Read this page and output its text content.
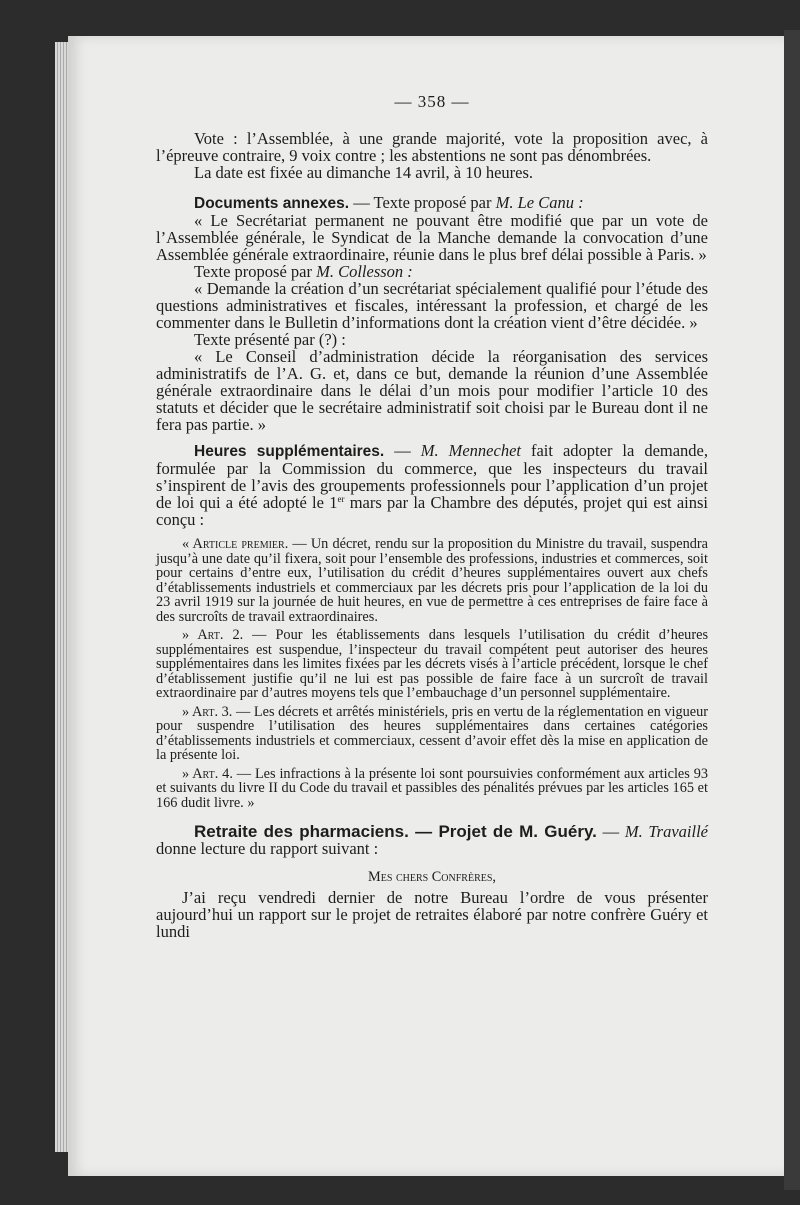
— 358 —

Vote : l’Assemblée, à une grande majorité, vote la proposition avec, à l’épreuve contraire, 9 voix contre ; les abstentions ne sont pas dénombrées.

La date est fixée au dimanche 14 avril, à 10 heures.

Documents annexes. — Texte proposé par M. Le Canu :

« Le Secrétariat permanent ne pouvant être modifié que par un vote de l’Assemblée générale, le Syndicat de la Manche demande la convocation d’une Assemblée générale extraordinaire, réunie dans le plus bref délai possible à Paris. »

Texte proposé par M. Collesson :

« Demande la création d’un secrétariat spécialement qualifié pour l’étude des questions administratives et fiscales, intéressant la profession, et chargé de les commenter dans le Bulletin d’informations dont la création vient d’être décidée. »

Texte présenté par (?) :

« Le Conseil d’administration décide la réorganisation des services administratifs de l’A. G. et, dans ce but, demande la réunion d’une Assemblée générale extraordinaire dans le délai d’un mois pour modifier l’article 10 des statuts et décider que le secrétaire administratif soit choisi par le Bureau dont il ne fera pas partie. »

Heures supplémentaires. — M. Mennechet fait adopter la demande, formulée par la Commission du commerce, que les inspecteurs du travail s’inspirent de l’avis des groupements professionnels pour l’application d’un projet de loi qui a été adopté le 1er mars par la Chambre des députés, projet qui est ainsi conçu :

« Article premier. — Un décret, rendu sur la proposition du Ministre du travail, suspendra jusqu’à une date qu’il fixera, soit pour l’ensemble des professions, industries et commerces, soit pour certains d’entre eux, l’utilisation du crédit d’heures supplémentaires ouvert aux chefs d’établissements industriels et commerciaux par les décrets pris pour l’application de la loi du 23 avril 1919 sur la journée de huit heures, en vue de permettre à ces entreprises de faire face à des surcroîts de travail extraordinaires.

» Art. 2. — Pour les établissements dans lesquels l’utilisation du crédit d’heures supplémentaires est suspendue, l’inspecteur du travail compétent peut autoriser des heures supplémentaires dans les limites fixées par les décrets visés à l’article précédent, lorsque le chef d’établissement justifie qu’il ne lui est pas possible de faire face à un surcroît de travail extraordinaire par d’autres moyens tels que l’embauchage d’un personnel supplémentaire.

» Art. 3. — Les décrets et arrêtés ministériels, pris en vertu de la réglementation en vigueur pour suspendre l’utilisation des heures supplémentaires dans certaines catégories d’établissements industriels et commerciaux, cessent d’avoir effet dès la mise en application de la présente loi.

» Art. 4. — Les infractions à la présente loi sont poursuivies conformément aux articles 93 et suivants du livre II du Code du travail et passibles des pénalités prévues par les articles 165 et 166 dudit livre. »

Retraite des pharmaciens. — Projet de M. Guéry. — M. Travaillé donne lecture du rapport suivant :

Mes chers Confrères,

J’ai reçu vendredi dernier de notre Bureau l’ordre de vous présenter aujourd’hui un rapport sur le projet de retraites élaboré par notre confrère Guéry et lundi
